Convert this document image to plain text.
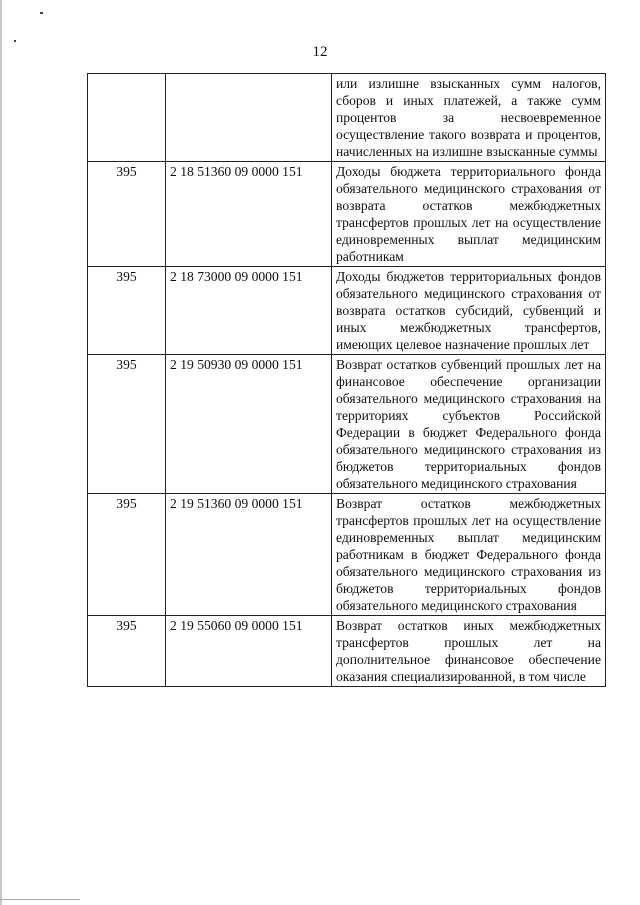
12
		или излишне взысканных сумм налогов, сборов и иных платежей, а также сумм процентов за несвоевременное осуществление такого возврата и процентов, начисленных на излишне взысканные суммы
395	2 18 51360 09 0000 151	Доходы бюджета территориального фонда обязательного медицинского страхования от возврата остатков межбюджетных трансфертов прошлых лет на осуществление единовременных выплат медицинским работникам
395	2 18 73000 09 0000 151	Доходы бюджетов территориальных фондов обязательного медицинского страхования от возврата остатков субсидий, субвенций и иных межбюджетных трансфертов, имеющих целевое назначение прошлых лет
395	2 19 50930 09 0000 151	Возврат остатков субвенций прошлых лет на финансовое обеспечение организации обязательного медицинского страхования на территориях субъектов Российской Федерации в бюджет Федерального фонда обязательного медицинского страхования из бюджетов территориальных фондов обязательного медицинского страхования
395	2 19 51360 09 0000 151	Возврат остатков межбюджетных трансфертов прошлых лет на осуществление единовременных выплат медицинским работникам в бюджет Федерального фонда обязательного медицинского страхования из бюджетов территориальных фондов обязательного медицинского страхования
395	2 19 55060 09 0000 151	Возврат остатков иных межбюджетных трансфертов прошлых лет на дополнительное финансовое обеспечение оказания специализированной, в том числе
